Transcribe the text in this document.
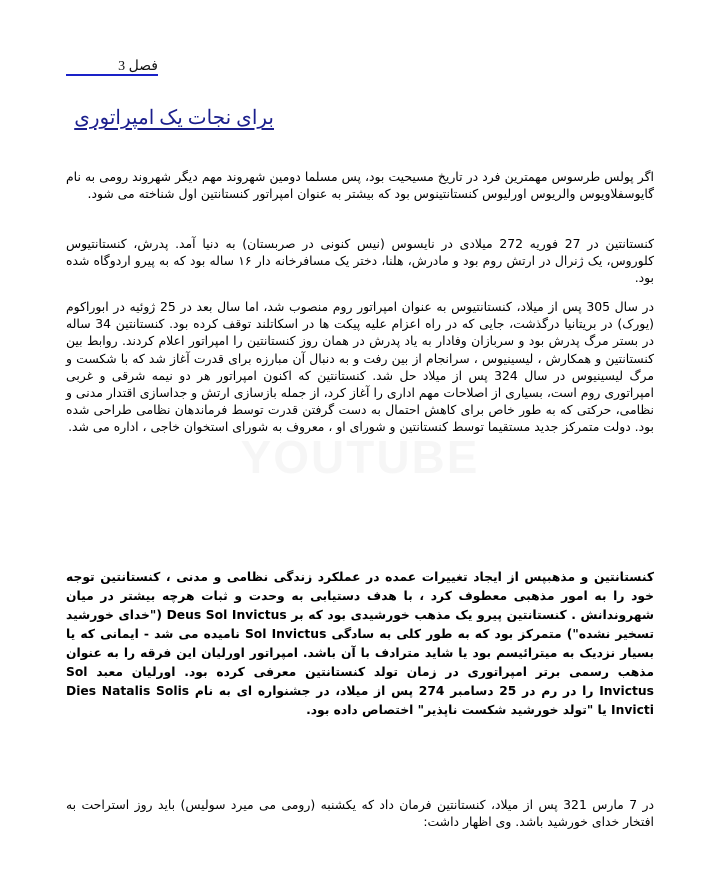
فصل 3
برای نجات یک امپراتوری

اگر پولس طرسوس مهمترین فرد در تاریخ مسیحیت بود، پس مسلما دومین شهروند مهم دیگر شهروند رومی به نام گایوسفلاویوس والریوس اورلیوس کنستانتینوس بود که بیشتر به عنوان امپراتور کنستانتین اول شناخته می شود.

کنستانتین در 27 فوریه 272 میلادی در نایسوس (نیس کنونی در صربستان) به دنیا آمد. پدرش، کنستانتیوس کلوروس، یک ژنرال در ارتش روم بود و مادرش، هلنا، دختر یک مسافرخانه دار ۱۶ ساله بود که به پیرو اردوگاه شده بود.

در سال 305 پس از میلاد، کنستانتیوس به عنوان امپراتور روم منصوب شد، اما سال بعد در 25 ژوئیه در ابوراکوم (یورک) در بریتانیا درگذشت، جایی که در راه اعزام علیه پیکت ها در اسکاتلند توقف کرده بود. کنستانتین 34 ساله در بستر مرگ پدرش بود و سربازان وفادار به یاد پدرش در همان روز کنستانتین را امپراتور اعلام کردند. روابط بین کنستانتین و همکارش ، لیسینیوس ، سرانجام از بین رفت و به دنبال آن مبارزه برای قدرت آغاز شد که با شکست و مرگ لیسینیوس در سال 324 پس از میلاد حل شد. کنستانتین که اکنون امپراتور هر دو نیمه شرقی و غربی امپراتوری روم است، بسیاری از اصلاحات مهم اداری را آغاز کرد، از جمله بازسازی ارتش و جداسازی اقتدار مدنی و نظامی، حرکتی که به طور خاص برای کاهش احتمال به دست گرفتن قدرت توسط فرماندهان نظامی طراحی شده بود. دولت متمرکز جدید مستقیما توسط کنستانتین و شورای او ، معروف به شورای استخوان خاجی ، اداره می شد.

کنستانتین و مذهبپس از ایجاد تغییرات عمده در عملکرد زندگی نظامی و مدنی ، کنستانتین توجه خود را به امور مذهبی معطوف کرد ، با هدف دستیابی به وحدت و ثبات هرچه بیشتر در میان شهروندانش . کنستانتین پیرو یک مذهب خورشیدی بود که بر Deus Sol Invictus ("خدای خورشید تسخیر نشده") متمرکز بود که به طور کلی به سادگی Sol Invictus نامیده می شد - ایمانی که یا بسیار نزدیک به میترائیسم بود یا شاید مترادف با آن باشد. امپراتور اورلیان این فرقه را به عنوان مذهب رسمی برتر امپراتوری در زمان تولد کنستانتین معرفی کرده بود. اورلیان معبد Sol Invictus را در رم در 25 دسامبر 274 پس از میلاد، در جشنواره ای به نام Dies Natalis Solis Invicti یا "تولد خورشید شکست ناپذیر" اختصاص داده بود.

در 7 مارس 321 پس از میلاد، کنستانتین فرمان داد که یکشنبه (رومی می میرد سولیس) باید روز استراحت به افتخار خدای خورشید باشد. وی اظهار داشت:
